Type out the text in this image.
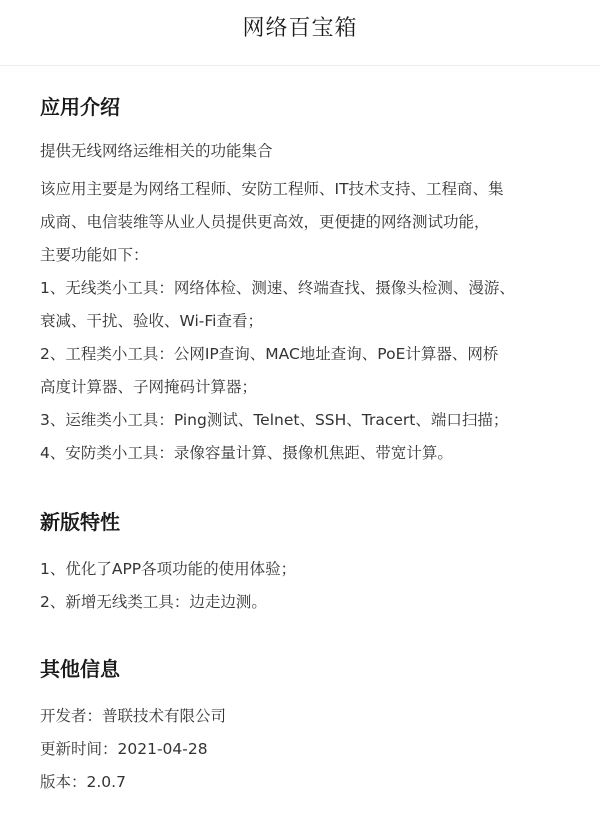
网络百宝箱
应用介绍

提供无线网络运维相关的功能集合

该应用主要是为网络工程师、安防工程师、IT技术支持、工程商、集

成商、电信装维等从业人员提供更高效，更便捷的网络测试功能，

主要功能如下：

1、无线类小工具：网络体检、测速、终端查找、摄像头检测、漫游、

衰减、干扰、验收、Wi-Fi查看；

2、工程类小工具：公网IP查询、MAC地址查询、PoE计算器、网桥

高度计算器、子网掩码计算器；

3、运维类小工具：Ping测试、Telnet、SSH、Tracert、端口扫描；

4、安防类小工具：录像容量计算、摄像机焦距、带宽计算。

新版特性

1、优化了APP各项功能的使用体验；

2、新增无线类工具：边走边测。

其他信息

开发者：普联技术有限公司

更新时间：2021-04-28

版本：2.0.7
